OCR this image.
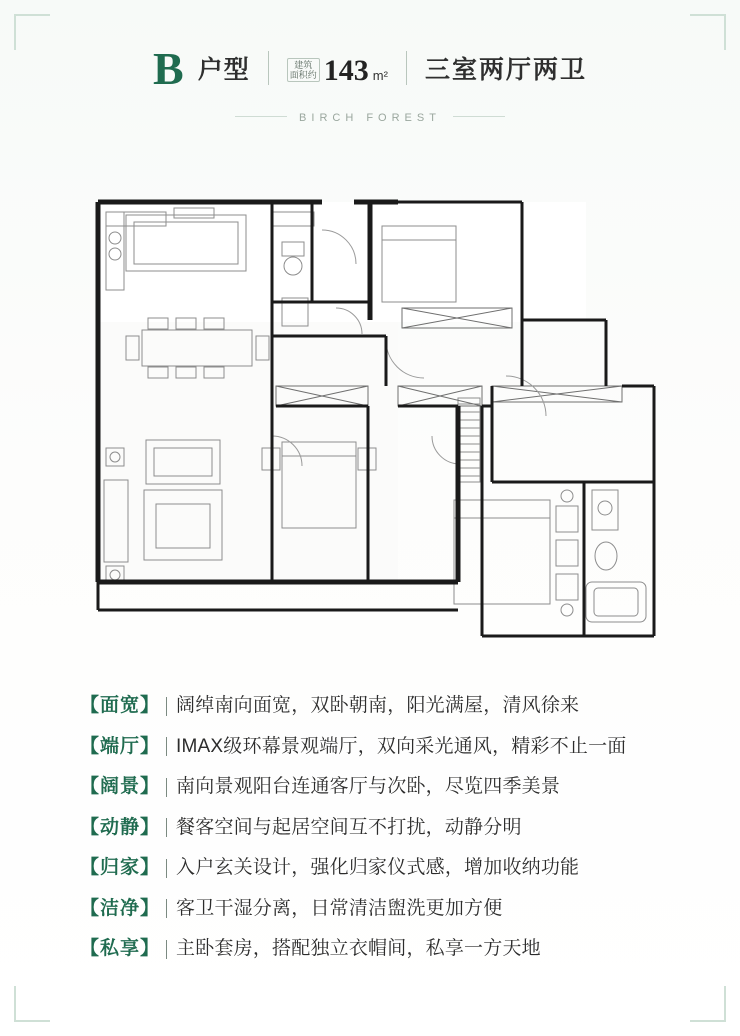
B 户型	建筑
面积约 143 m² 三室两厅两卫
BIRCH FOREST
【面宽】 阔绰南向面宽，双卧朝南，阳光满屋，清风徐来
【端厅】 IMAX级环幕景观端厅，双向采光通风，精彩不止一面
【阔景】 南向景观阳台连通客厅与次卧，尽览四季美景
【动静】 餐客空间与起居空间互不打扰，动静分明
【归家】 入户玄关设计，强化归家仪式感，增加收纳功能
【洁净】 客卫干湿分离，日常清洁盥洗更加方便
【私享】 主卧套房，搭配独立衣帽间，私享一方天地
